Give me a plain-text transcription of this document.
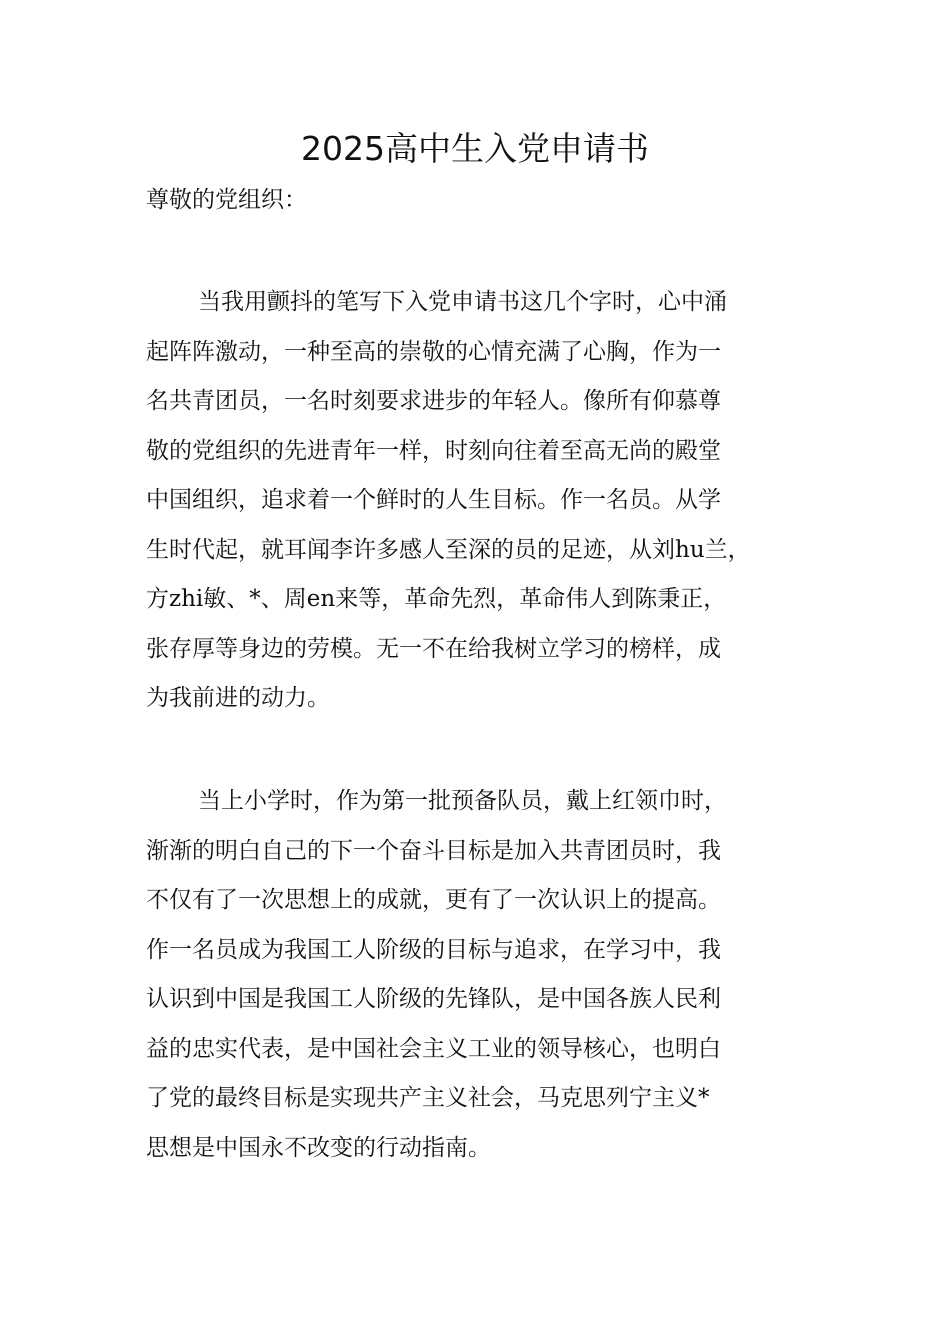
2025高中生入党申请书

尊敬的党组织：

当我用颤抖的笔写下入党申请书这几个字时，心中涌
起阵阵激动，一种至高的崇敬的心情充满了心胸，作为一
名共青团员，一名时刻要求进步的年轻人。像所有仰慕尊
敬的党组织的先进青年一样，时刻向往着至高无尚的殿堂
中国组织，追求着一个鲜时的人生目标。作一名员。从学
生时代起，就耳闻李许多感人至深的员的足迹，从刘hu兰，
方zhi敏、*、周en来等，革命先烈，革命伟人到陈秉正，
张存厚等身边的劳模。无一不在给我树立学习的榜样，成
为我前进的动力。
当上小学时，作为第一批预备队员，戴上红领巾时，
渐渐的明白自己的下一个奋斗目标是加入共青团员时，我
不仅有了一次思想上的成就，更有了一次认识上的提高。
作一名员成为我国工人阶级的目标与追求，在学习中，我
认识到中国是我国工人阶级的先锋队，是中国各族人民利
益的忠实代表，是中国社会主义工业的领导核心，也明白
了党的最终目标是实现共产主义社会，马克思列宁主义*
思想是中国永不改变的行动指南。
